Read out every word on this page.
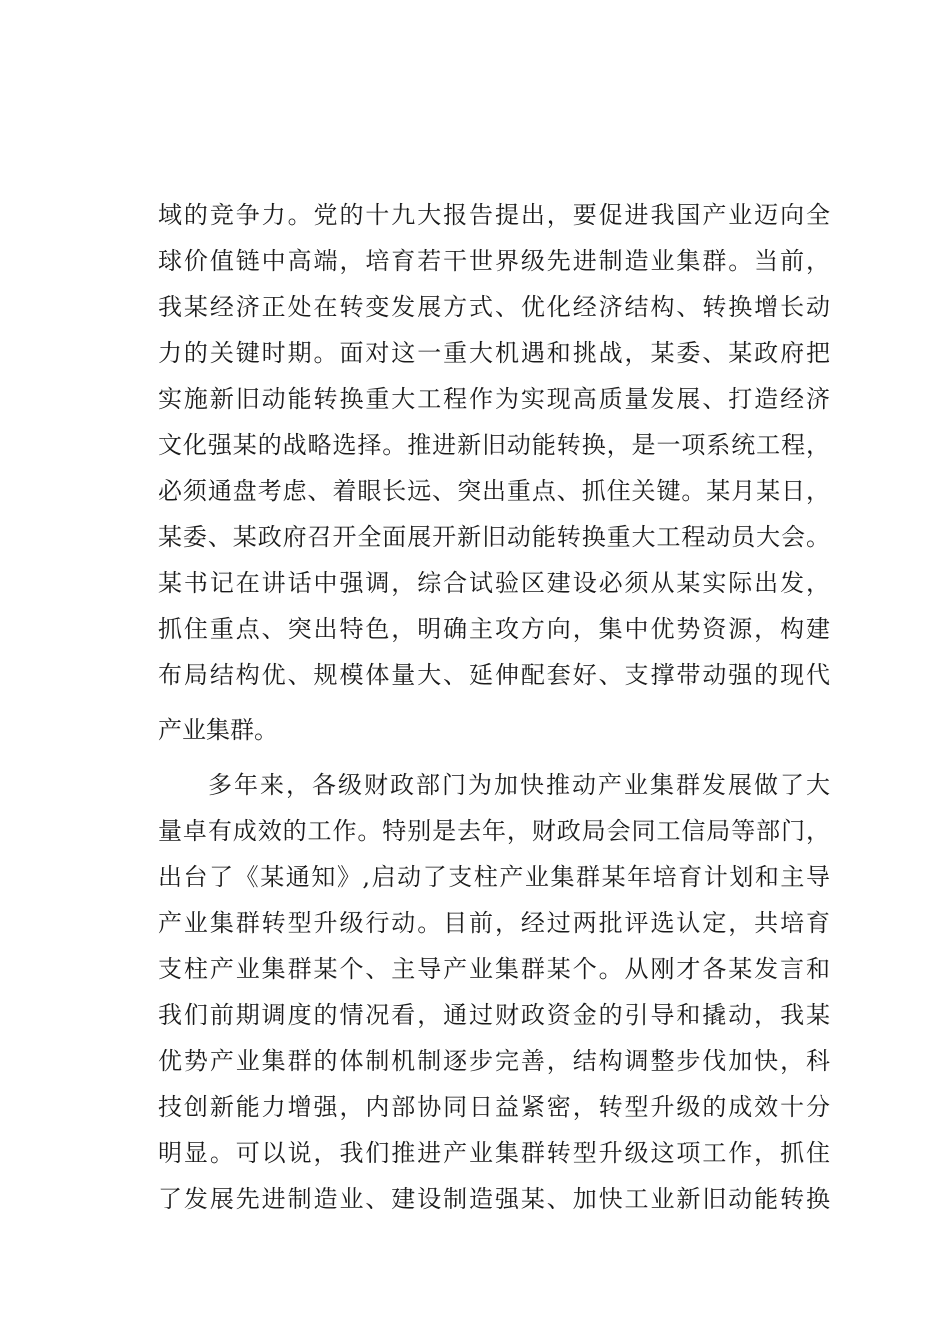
域的竞争力。党的十九大报告提出，要促进我国产业迈向全
球价值链中高端，培育若干世界级先进制造业集群。当前，
我某经济正处在转变发展方式、优化经济结构、转换增长动
力的关键时期。面对这一重大机遇和挑战，某委、某政府把
实施新旧动能转换重大工程作为实现高质量发展、打造经济
文化强某的战略选择。推进新旧动能转换，是一项系统工程，
必须通盘考虑、着眼长远、突出重点、抓住关键。某月某日，
某委、某政府召开全面展开新旧动能转换重大工程动员大会。
某书记在讲话中强调，综合试验区建设必须从某实际出发，
抓住重点、突出特色，明确主攻方向，集中优势资源，构建
布局结构优、规模体量大、延伸配套好、支撑带动强的现代
产业集群。
多年来，各级财政部门为加快推动产业集群发展做了大
量卓有成效的工作。特别是去年，财政局会同工信局等部门，
出台了《某通知》,启动了支柱产业集群某年培育计划和主导
产业集群转型升级行动。目前，经过两批评选认定，共培育
支柱产业集群某个、主导产业集群某个。从刚才各某发言和
我们前期调度的情况看，通过财政资金的引导和撬动，我某
优势产业集群的体制机制逐步完善，结构调整步伐加快，科
技创新能力增强，内部协同日益紧密，转型升级的成效十分
明显。可以说，我们推进产业集群转型升级这项工作，抓住
了发展先进制造业、建设制造强某、加快工业新旧动能转换
